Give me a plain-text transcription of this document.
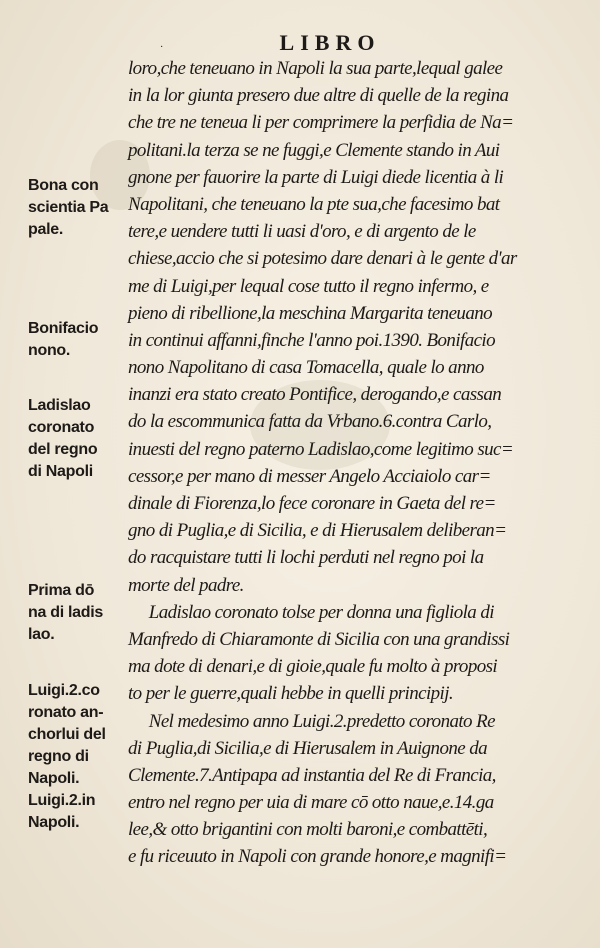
LIBRO
·
loro,che teneuano in Napoli la sua parte,lequal galee
in la lor giunta presero due altre di quelle de la regina
che tre ne teneua li per comprimere la perfidia de Na=
politani.la terza se ne fuggi,e Clemente stando in Aui
gnone per fauorire la parte di Luigi diede licentia à li
Napolitani, che teneuano la pte sua,che facesimo bat
tere,e uendere tutti li uasi d'oro, e di argento de le
chiese,accio che si potesimo dare denari à le gente d'ar
me di Luigi,per lequal cose tutto il regno infermo, e
pieno di ribellione,la meschina Margarita teneuano
in continui affanni,finche l'anno poi.1390. Bonifacio
nono Napolitano di casa Tomacella, quale lo anno
inanzi era stato creato Pontifice, derogando,e cassan
do la escommunica fatta da Vrbano.6.contra Carlo,
inuesti del regno paterno Ladislao,come legitimo suc=
cessor,e per mano di messer Angelo Acciaiolo car=
dinale di Fiorenza,lo fece coronare in Gaeta del re=
gno di Puglia,e di Sicilia, e di Hierusalem deliberan=
do racquistare tutti li lochi perduti nel regno poi la
morte del padre.
Ladislao coronato tolse per donna una figliola di
Manfredo di Chiaramonte di Sicilia con una grandissi
ma dote di denari,e di gioie,quale fu molto à proposi
to per le guerre,quali hebbe in quelli principij.
Nel medesimo anno Luigi.2.predetto coronato Re
di Puglia,di Sicilia,e di Hierusalem in Auignone da
Clemente.7.Antipapa ad instantia del Re di Francia,
entro nel regno per uia di mare cō otto naue,e.14.ga
lee,& otto brigantini con molti baroni,e combattēti,
e fu riceuuto in Napoli con grande honore,e magnifi=
Bona con
scientia Pa
pale.
Bonifacio
nono.
Ladislao
coronato
del regno
di Napoli
Prima dō
na di ladis
lao.
Luigi.2.co
ronato an-
chorlui del
regno di
Napoli.
Luigi.2.in
Napoli.
